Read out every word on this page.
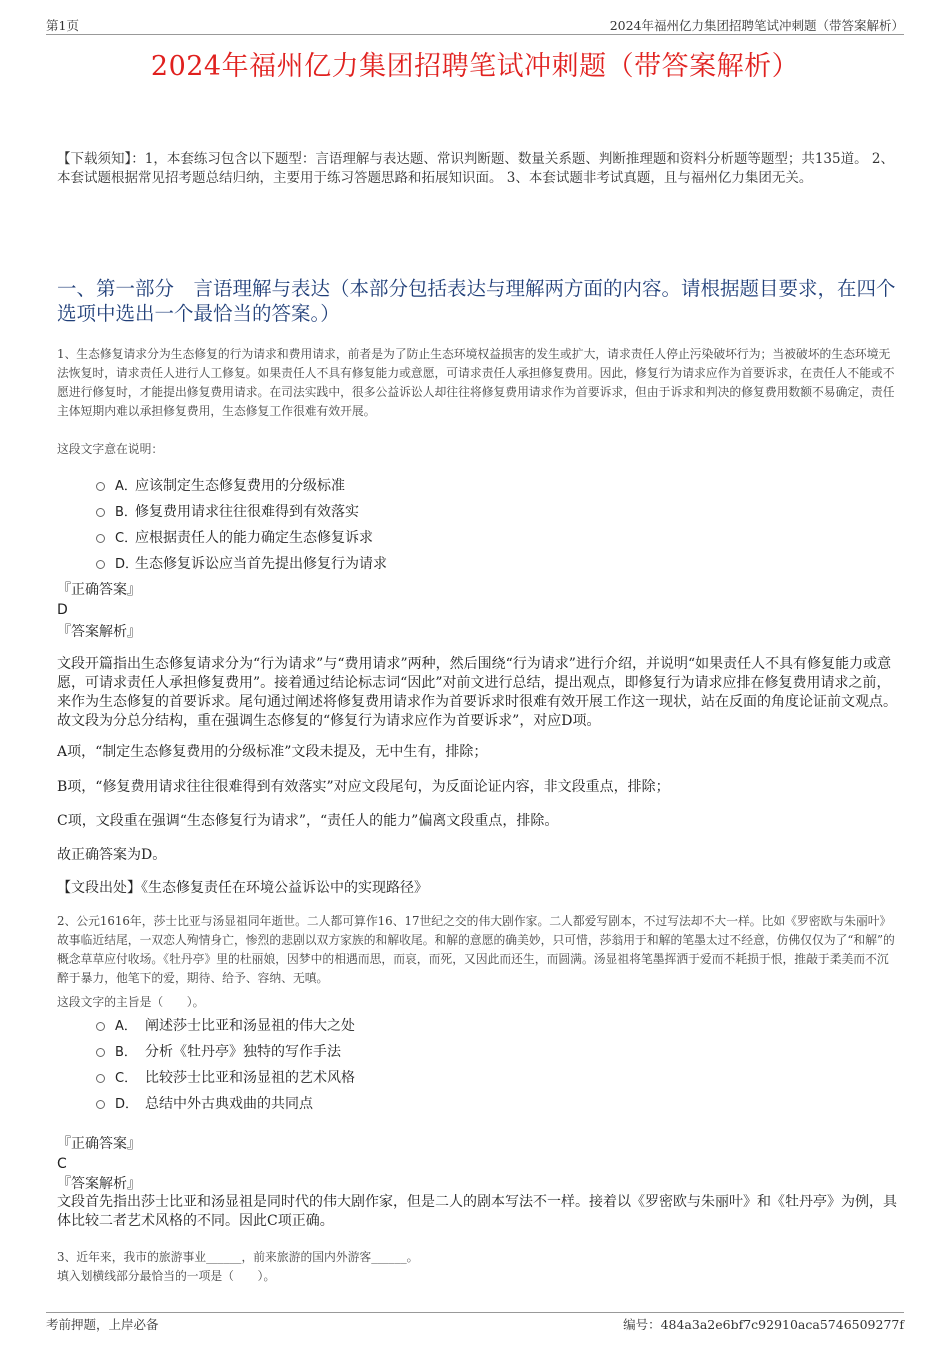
第1页	2024年福州亿力集团招聘笔试冲刺题（带答案解析）
2024年福州亿力集团招聘笔试冲刺题（带答案解析）
【下载须知】：1，本套练习包含以下题型：言语理解与表达题、常识判断题、数量关系题、判断推理题和资料分析题等题型；共135道。 2、本套试题根据常见招考题总结归纳，主要用于练习答题思路和拓展知识面。 3、本套试题非考试真题，且与福州亿力集团无关。
一、第一部分　言语理解与表达（本部分包括表达与理解两方面的内容。请根据题目要求，在四个选项中选出一个最恰当的答案。）
1、生态修复请求分为生态修复的行为请求和费用请求，前者是为了防止生态环境权益损害的发生或扩大，请求责任人停止污染破坏行为；当被破坏的生态环境无法恢复时，请求责任人进行人工修复。如果责任人不具有修复能力或意愿，可请求责任人承担修复费用。因此，修复行为请求应作为首要诉求，在责任人不能或不愿进行修复时，才能提出修复费用请求。在司法实践中，很多公益诉讼人却往往将修复费用请求作为首要诉求，但由于诉求和判决的修复费用数额不易确定，责任主体短期内难以承担修复费用，生态修复工作很难有效开展。
这段文字意在说明：
A．应该制定生态修复费用的分级标准
B．修复费用请求往往很难得到有效落实
C．应根据责任人的能力确定生态修复诉求
D．生态修复诉讼应当首先提出修复行为请求
『正确答案』
D
『答案解析』
文段开篇指出生态修复请求分为“行为请求”与“费用请求”两种，然后围绕“行为请求”进行介绍，并说明“如果责任人不具有修复能力或意愿，可请求责任人承担修复费用”。接着通过结论标志词“因此”对前文进行总结，提出观点，即修复行为请求应排在修复费用请求之前，来作为生态修复的首要诉求。尾句通过阐述将修复费用请求作为首要诉求时很难有效开展工作这一现状，站在反面的角度论证前文观点。故文段为分总分结构，重在强调生态修复的“修复行为请求应作为首要诉求”，对应D项。
A项，“制定生态修复费用的分级标准”文段未提及，无中生有，排除；
B项，“修复费用请求往往很难得到有效落实”对应文段尾句，为反面论证内容，非文段重点，排除；
C项，文段重在强调“生态修复行为请求”，“责任人的能力”偏离文段重点，排除。
故正确答案为D。
【文段出处】《生态修复责任在环境公益诉讼中的实现路径》
2、公元1616年，莎士比亚与汤显祖同年逝世。二人都可算作16、17世纪之交的伟大剧作家。二人都爱写剧本，不过写法却不大一样。比如《罗密欧与朱丽叶》故事临近结尾，一双恋人殉情身亡，惨烈的悲剧以双方家族的和解收尾。和解的意愿的确美妙，只可惜，莎翁用于和解的笔墨太过不经意，仿佛仅仅为了“和解”的概念草草应付收场。《牡丹亭》里的杜丽娘，因梦中的相遇而思，而哀，而死，又因此而还生，而圆满。汤显祖将笔墨挥洒于爱而不耗损于恨，推敲于柔美而不沉醉于暴力，他笔下的爱，期待、给予、容纳、无嗔。
这段文字的主旨是（　　）。
A． 阐述莎士比亚和汤显祖的伟大之处
B． 分析《牡丹亭》独特的写作手法
C． 比较莎士比亚和汤显祖的艺术风格
D． 总结中外古典戏曲的共同点
『正确答案』
C
『答案解析』
文段首先指出莎士比亚和汤显祖是同时代的伟大剧作家，但是二人的剧本写法不一样。接着以《罗密欧与朱丽叶》和《牡丹亭》为例，具体比较二者艺术风格的不同。因此C项正确。
3、近年来，我市的旅游事业______，前来旅游的国内外游客______。
填入划横线部分最恰当的一项是（　　）。
考前押题，上岸必备	编号：484a3a2e6bf7c92910aca5746509277f
